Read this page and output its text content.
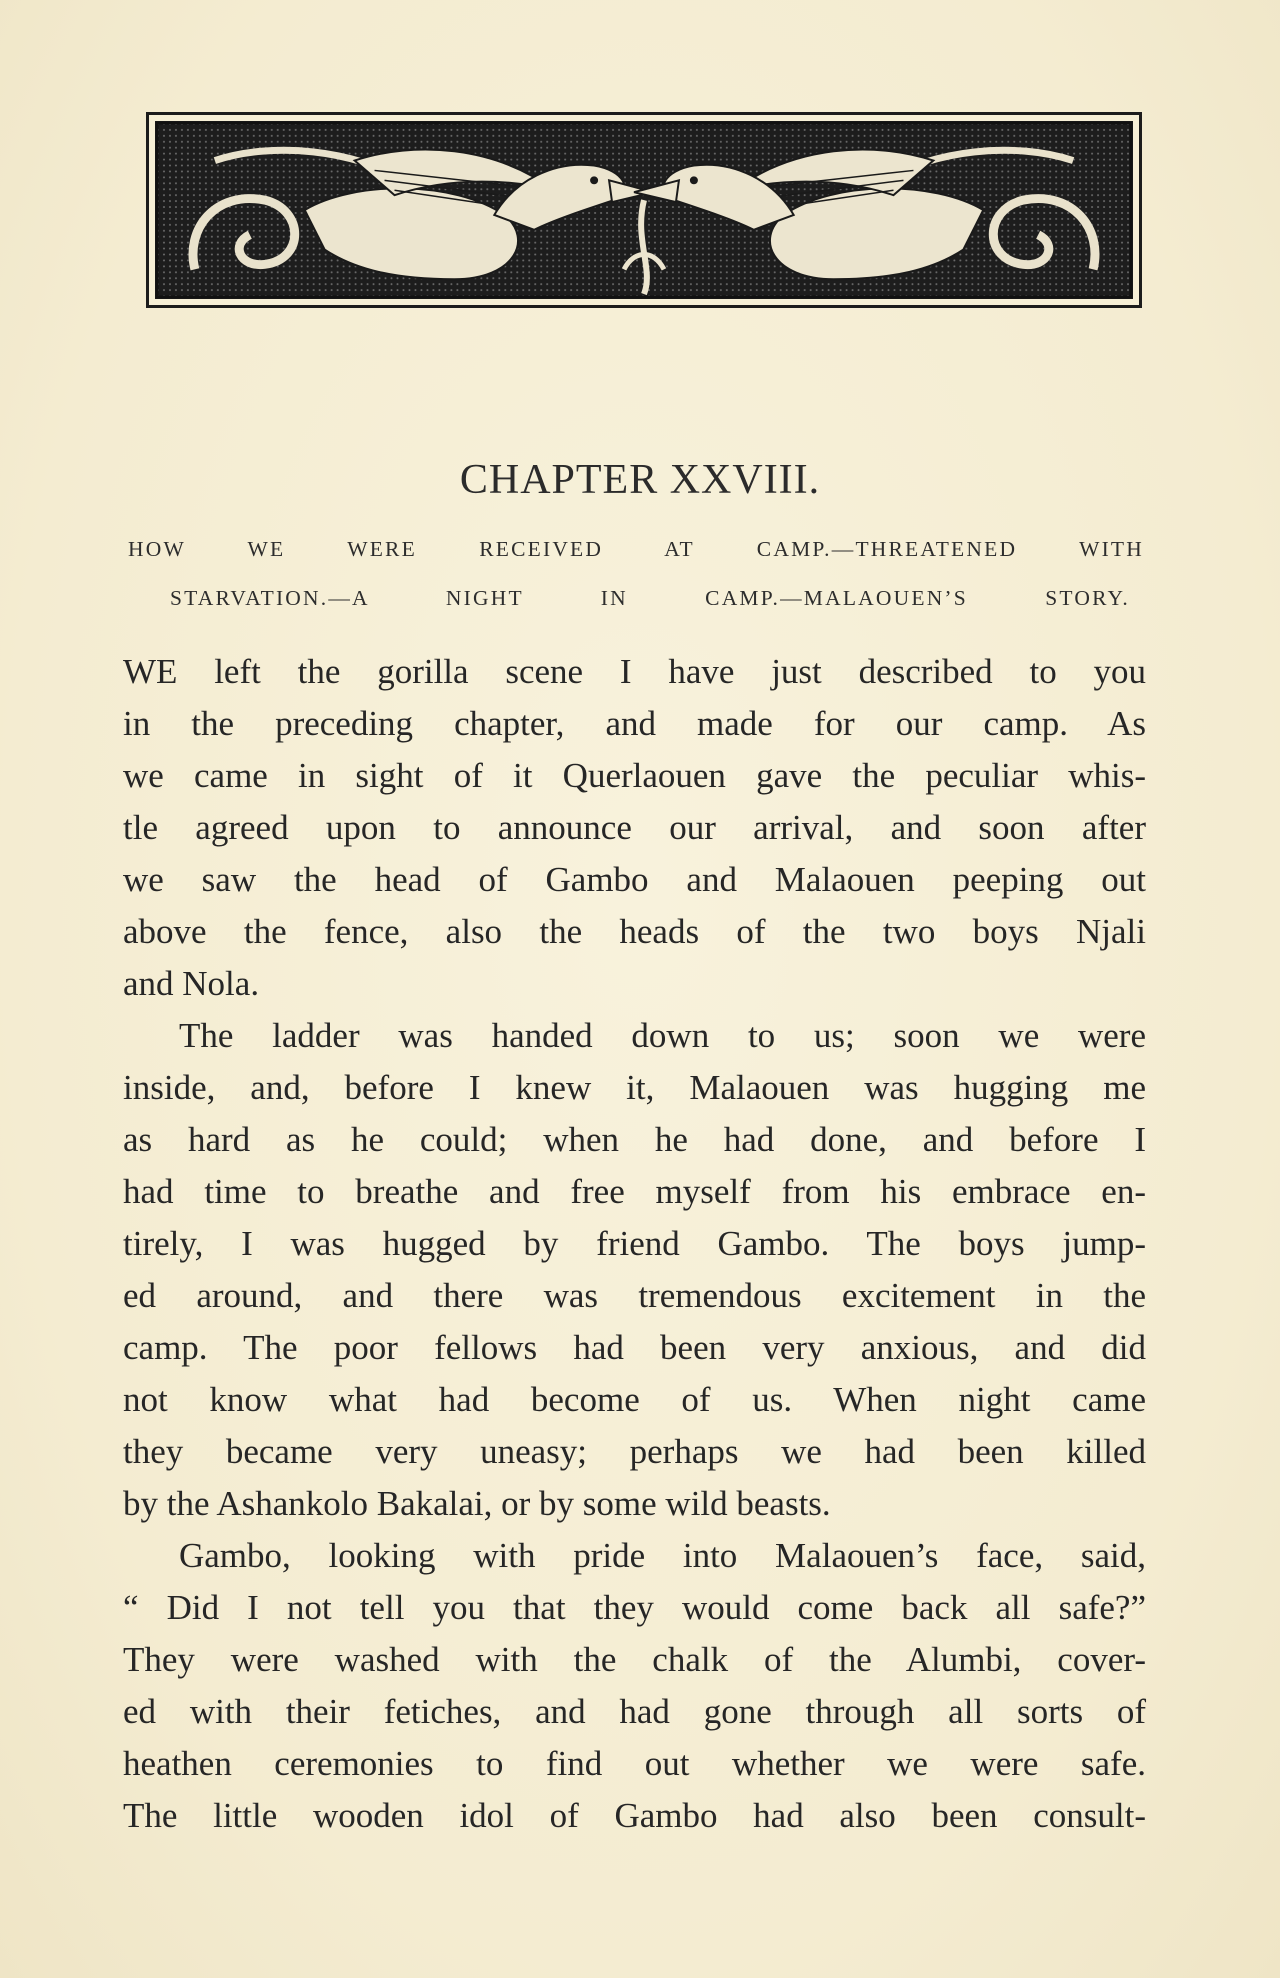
CHAPTER XXVIII.
HOW WE WERE RECEIVED AT CAMP.—THREATENED WITH
STARVATION.—A NIGHT IN CAMP.—MALAOUEN’S STORY.
WE left the gorilla scene I have just described to you
in the preceding chapter, and made for our camp. As
we came in sight of it Querlaouen gave the peculiar whis-
tle agreed upon to announce our arrival, and soon after
we saw the head of Gambo and Malaouen peeping out
above the fence, also the heads of the two boys Njali
and Nola.
The ladder was handed down to us; soon we were
inside, and, before I knew it, Malaouen was hugging me
as hard as he could; when he had done, and before I
had time to breathe and free myself from his embrace en-
tirely, I was hugged by friend Gambo. The boys jump-
ed around, and there was tremendous excitement in the
camp. The poor fellows had been very anxious, and did
not know what had become of us. When night came
they became very uneasy; perhaps we had been killed
by the Ashankolo Bakalai, or by some wild beasts.
Gambo, looking with pride into Malaouen’s face, said,
“ Did I not tell you that they would come back all safe?”
They were washed with the chalk of the Alumbi, cover-
ed with their fetiches, and had gone through all sorts of
heathen ceremonies to find out whether we were safe.
The little wooden idol of Gambo had also been consult-
